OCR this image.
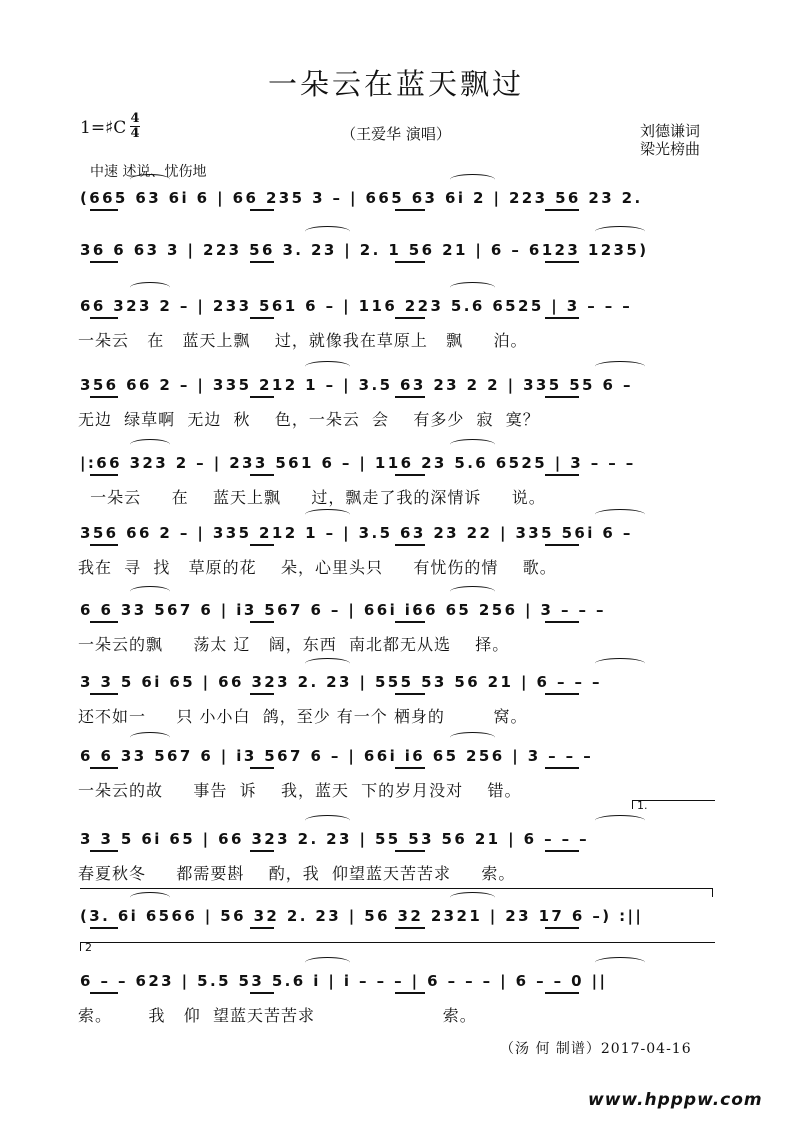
一朵云在蓝天飘过
1=♯C 4
4	（王爱华 演唱）	刘德谦词
梁光榜曲
中速 述说、忧伤地
(665 63 6i 6 | 66 235 3 – | 665 63 6i 2 | 223 56 23 2.
36 6 63 3 | 223 56 3. 23 | 2. 1 56 21 | 6 – 6123 1235)
66 323 2 – | 233 561 6 – | 116 223 5.6 6525 | 3 – – –
一朵云   在   蓝天上飘    过，就像我在草原上   飘     泊。
356 66 2 – | 335 212 1 – | 3.5 63 23 2 2 | 335 55 6 –
无边  绿草啊  无边  秋    色，一朵云  会    有多少  寂  寞？
|:66 323 2 – | 233 561 6 – | 116 23 5.6 6525 | 3 – – –
一朵云     在    蓝天上飘     过，飘走了我的深情诉     说。
356 66 2 – | 335 212 1 – | 3.5 63 23 22 | 335 56i 6 –
我在  寻  找   草原的花    朵，心里头只     有忧伤的情    歌。
6 6 33 567 6 | i3 567 6 – | 66i i66 65 256 | 3 – – –
一朵云的飘     荡太 辽   阔，东西  南北都无从选    择。
3 3 5 6i 65 | 66 323 2. 23 | 555 53 56 21 | 6 – – –
还不如一     只 小小白  鸽，至少 有一个 栖身的        窝。
6 6 33 567 6 | i3 567 6 – | 66i i6 65 256 | 3 – – –
一朵云的故     事告  诉    我，蓝天  下的岁月没对    错。
3 3 5 6i 65 | 66 323 2. 23 | 55 53 56 21 | 6 – – –
春夏秋冬     都需要斟    酌，我  仰望蓝天苦苦求     索。
(3. 6i 6566 | 56 32 2. 23 | 56 32 2321 | 23 17 6 –) :||
6 – – 623 | 5.5 53 5.6 i | i – – – | 6 – – – | 6 – – 0 ||
索。      我   仰  望蓝天苦苦求                     索。
1.
2
（汤 何 制谱）2017-04-16
www.hpppw.com
